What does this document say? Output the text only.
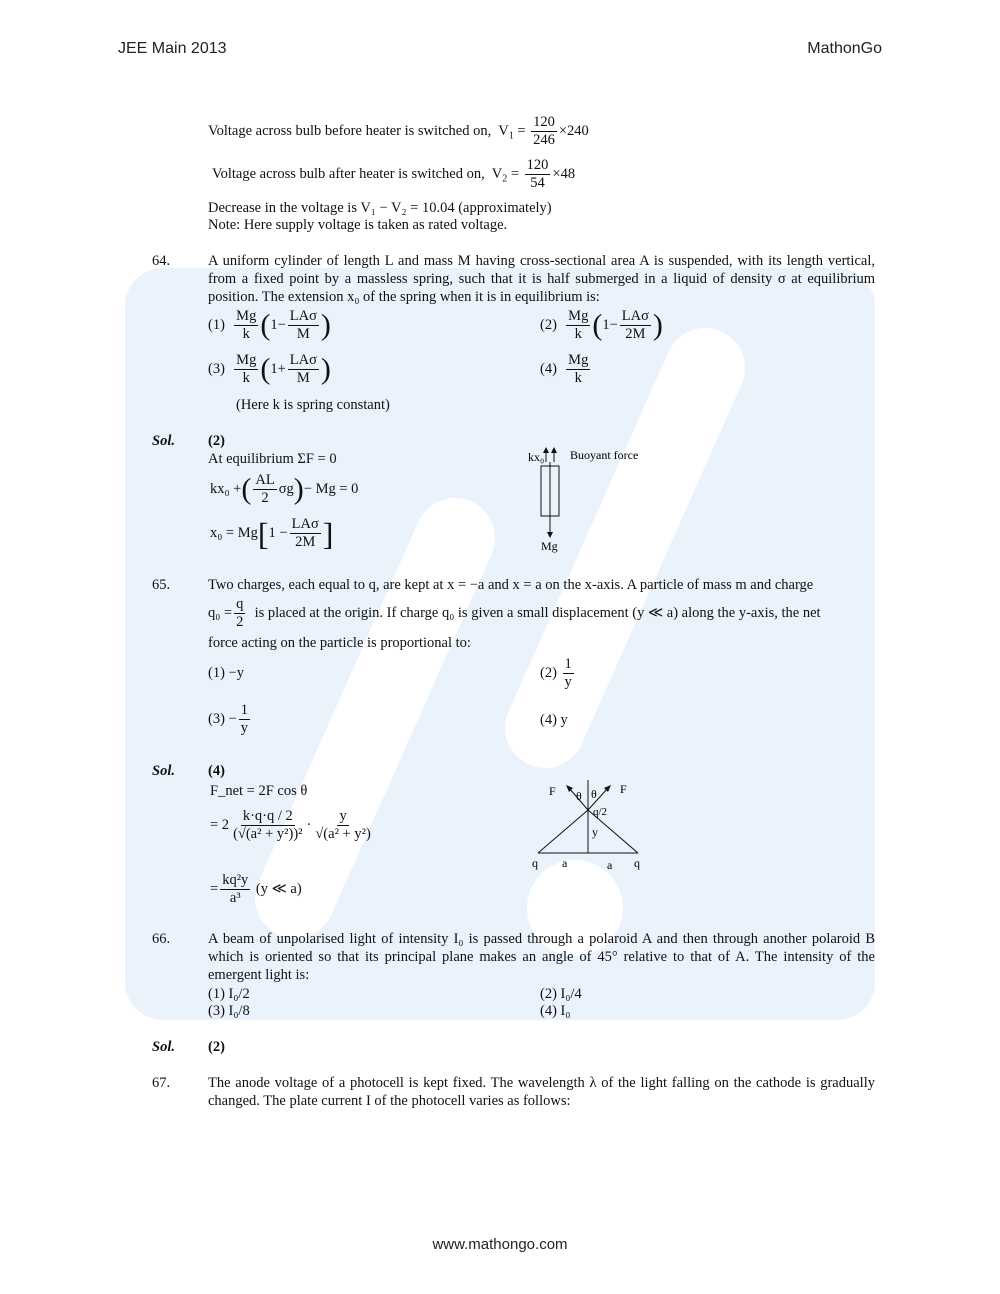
JEE Main 2013	MathonGo
Voltage across bulb before heater is switched on, $V_1 = \frac{120}{246} \times 240$
Voltage across bulb after heater is switched on, $V_2 = \frac{120}{54} \times 48$
Decrease in the voltage is V₁ − V₂ = 10.04 (approximately)
Note: Here supply voltage is taken as rated voltage.
64.	A uniform cylinder of length L and mass M having cross-sectional area A is suspended, with its length vertical, from a fixed point by a massless spring, such that it is half submerged in a liquid of density σ at equilibrium position. The extension x₀ of the spring when it is in equilibrium is:
$(1) \frac{Mg}{k} (1- \frac{\text{LAσ}}{M}$ )	$(2) \frac{Mg}{k} (1- \frac{\text{LAσ}}{2M}$ )
$(3) \frac{Mg}{k} (1+ \frac{\text{LAσ}}{M}$ )	$(4) \frac{Mg}{k}$
(Here k is spring constant)
Sol. (2)
At equilibrium ΣF = 0
kx₀ +( $\frac{AL}{2} \sigma g)- Mg = 0$
$x_0 = Mg[1 - \frac{\text{LAσ}}{2M}$ ]
kx₀ Buoyant force
Mg
65.	Two charges, each equal to q, are kept at x = −a and x = a on the x-axis. A particle of mass m and charge
$q_0 = \frac{q}{2}$ is placed at the origin. If charge q₀ is given a small displacement (y ≪ a) along the y-axis, the net
force acting on the particle is proportional to:
(1) −y	$(2) \frac{1}{y}$
$(3) - \frac{1}{y}$	(4) y
Sol. (4)
F_net = 2F cos θ
= $2 \frac{k\cdot q\cdot q / 2}{\text{(√(a² + y²))²}} \cdot \frac{y}{\text{√(a² + y²)}}$
= $\frac{\text{kq²y}}{\text{a³}} (y$ ≪ a)
F	F
θ θ
q/2
y
q a	a q
66.	A beam of unpolarised light of intensity I₀ is passed through a polaroid A and then through another polaroid B which is oriented so that its principal plane makes an angle of 45° relative to that of A. The intensity of the emergent light is:
(1) I₀/2	(2) I₀/4
(3) I₀/8	(4) I₀
Sol. (2)
67.	The anode voltage of a photocell is kept fixed. The wavelength λ of the light falling on the cathode is gradually changed. The plate current I of the photocell varies as follows:
www.mathongo.com
